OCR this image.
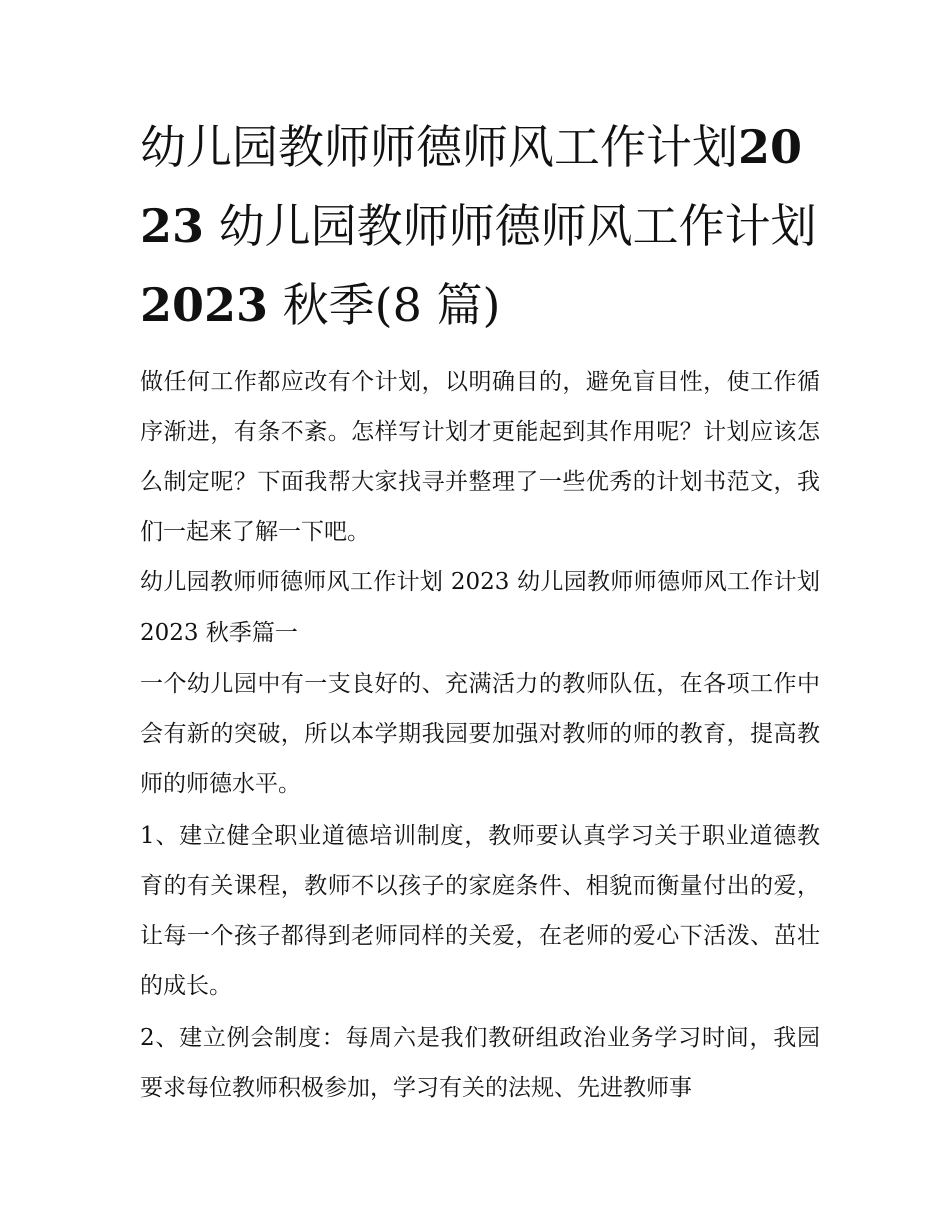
幼儿园教师师德师风工作计划2023 幼儿园教师师德师风工作计划2023 秋季(8 篇)

做任何工作都应改有个计划，以明确目的，避免盲目性，使工作循序渐进，有条不紊。怎样写计划才更能起到其作用呢？计划应该怎么制定呢？下面我帮大家找寻并整理了一些优秀的计划书范文，我们一起来了解一下吧。

幼儿园教师师德师风工作计划 2023 幼儿园教师师德师风工作计划 2023 秋季篇一

一个幼儿园中有一支良好的、充满活力的教师队伍，在各项工作中会有新的突破，所以本学期我园要加强对教师的师的教育，提高教师的师德水平。

1、建立健全职业道德培训制度，教师要认真学习关于职业道德教育的有关课程，教师不以孩子的家庭条件、相貌而衡量付出的爱，让每一个孩子都得到老师同样的关爱，在老师的爱心下活泼、茁壮的成长。

2、建立例会制度：每周六是我们教研组政治业务学习时间，我园要求每位教师积极参加，学习有关的法规、先进教师事
